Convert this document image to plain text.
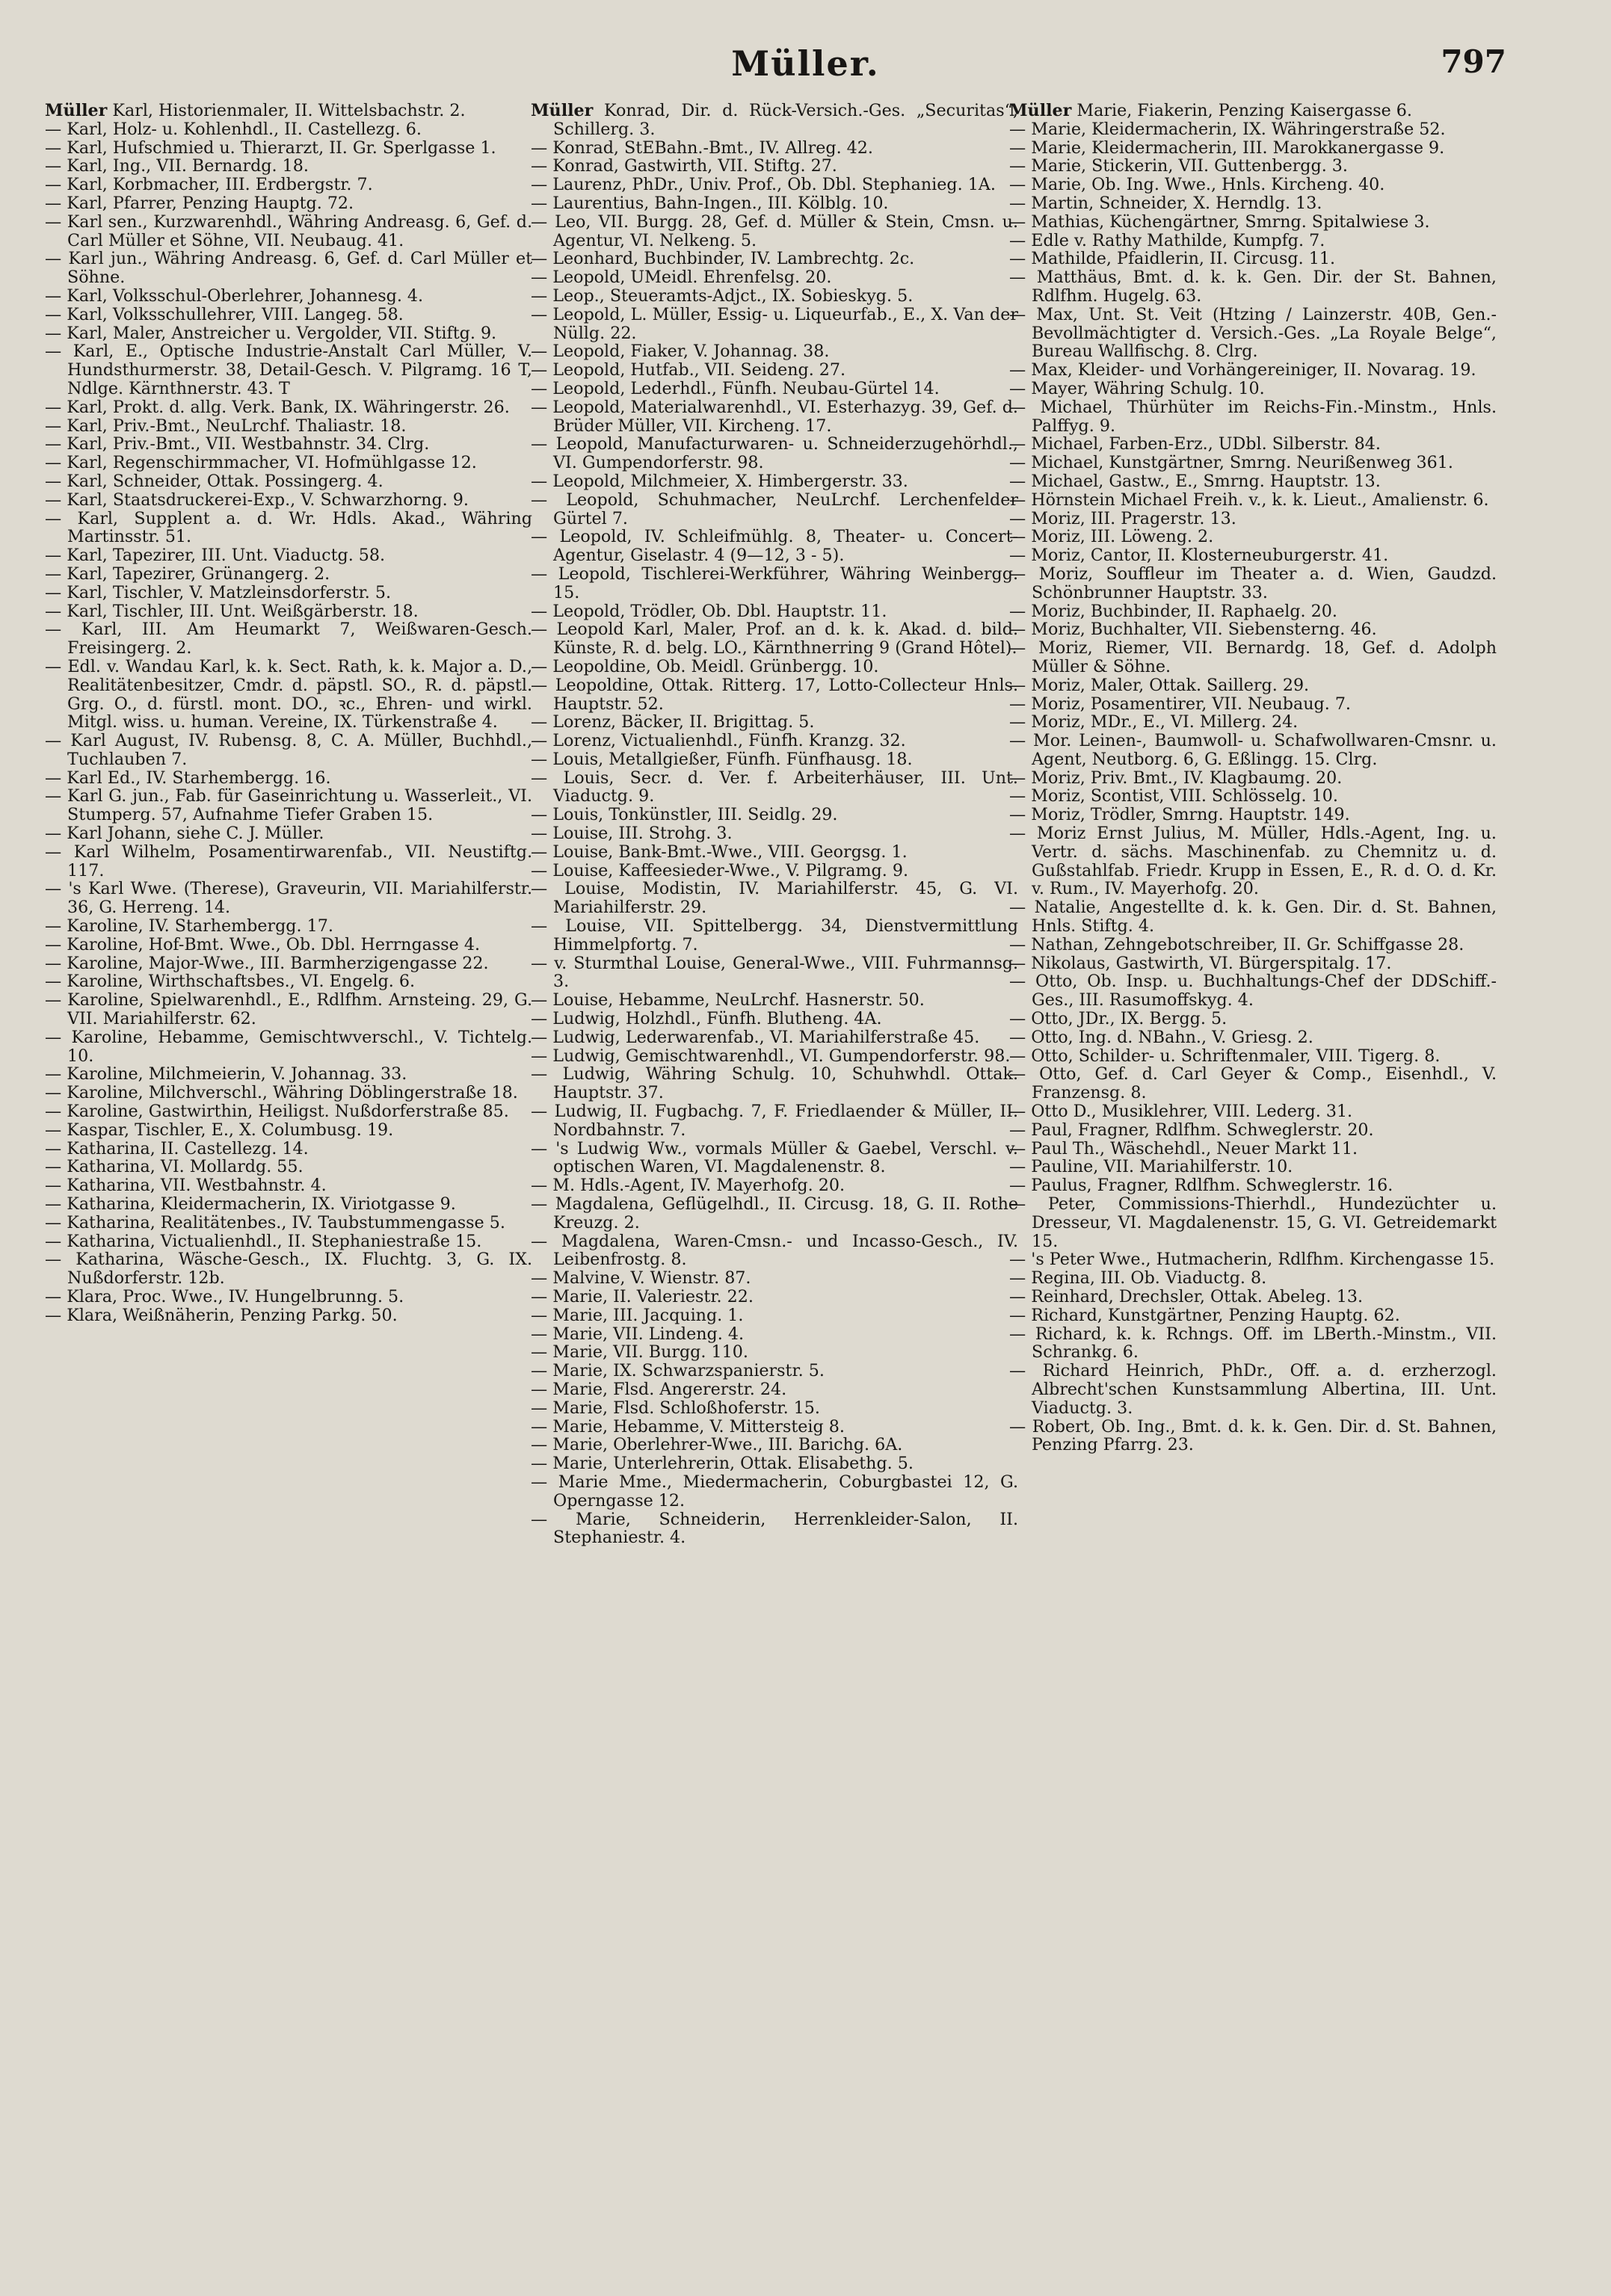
Müller.	797

Müller Karl, Historienmaler, II. Wittelsbachstr. 2.

— Karl, Holz- u. Kohlenhdl., II. Castellezg. 6.

— Karl, Hufschmied u. Thierarzt, II. Gr. Sperlgasse 1.

— Karl, Ing., VII. Bernardg. 18.

— Karl, Korbmacher, III. Erdbergstr. 7.

— Karl, Pfarrer, Penzing Hauptg. 72.

— Karl sen., Kurzwarenhdl., Währing Andreasg. 6, Gef. d. Carl Müller et Söhne, VII. Neubaug. 41.

— Karl jun., Währing Andreasg. 6, Gef. d. Carl Müller et Söhne.

— Karl, Volksschul-Oberlehrer, Johannesg. 4.

— Karl, Volksschullehrer, VIII. Langeg. 58.

— Karl, Maler, Anstreicher u. Vergolder, VII. Stiftg. 9.

— Karl, E., Optische Industrie-Anstalt Carl Müller, V. Hundsthurmerstr. 38, Detail-Gesch. V. Pilgramg. 16 T, Ndlge. Kärnthnerstr. 43. T

— Karl, Prokt. d. allg. Verk. Bank, IX. Währingerstr. 26.

— Karl, Priv.-Bmt., NeuLrchf. Thaliastr. 18.

— Karl, Priv.-Bmt., VII. Westbahnstr. 34. Clrg.

— Karl, Regenschirmmacher, VI. Hofmühlgasse 12.

— Karl, Schneider, Ottak. Possingerg. 4.

— Karl, Staatsdruckerei-Exp., V. Schwarzhorng. 9.

— Karl, Supplent a. d. Wr. Hdls. Akad., Währing Martinsstr. 51.

— Karl, Tapezirer, III. Unt. Viaductg. 58.

— Karl, Tapezirer, Grünangerg. 2.

— Karl, Tischler, V. Matzleinsdorferstr. 5.

— Karl, Tischler, III. Unt. Weißgärberstr. 18.

— Karl, III. Am Heumarkt 7, Weißwaren-Gesch. Freisingerg. 2.

— Edl. v. Wandau Karl, k. k. Sect. Rath, k. k. Major a. D., Realitätenbesitzer, Cmdr. d. päpstl. SO., R. d. päpstl. Grg. O., d. fürstl. mont. DO., ꝛc., Ehren- und wirkl. Mitgl. wiss. u. human. Vereine, IX. Türkenstraße 4.

— Karl August, IV. Rubensg. 8, C. A. Müller, Buchhdl., Tuchlauben 7.

— Karl Ed., IV. Starhembergg. 16.

— Karl G. jun., Fab. für Gaseinrichtung u. Wasserleit., VI. Stumperg. 57, Aufnahme Tiefer Graben 15.

— Karl Johann, siehe C. J. Müller.

— Karl Wilhelm, Posamentirwarenfab., VII. Neustiftg. 117.

— 's Karl Wwe. (Therese), Graveurin, VII. Mariahilferstr. 36, G. Herreng. 14.

— Karoline, IV. Starhembergg. 17.

— Karoline, Hof-Bmt. Wwe., Ob. Dbl. Herrngasse 4.

— Karoline, Major-Wwe., III. Barmherzigengasse 22.

— Karoline, Wirthschaftsbes., VI. Engelg. 6.

— Karoline, Spielwarenhdl., E., Rdlfhm. Arnsteing. 29, G. VII. Mariahilferstr. 62.

— Karoline, Hebamme, Gemischtwverschl., V. Tichtelg. 10.

— Karoline, Milchmeierin, V. Johannag. 33.

— Karoline, Milchverschl., Währing Döblingerstraße 18.

— Karoline, Gastwirthin, Heiligst. Nußdorferstraße 85.

— Kaspar, Tischler, E., X. Columbusg. 19.

— Katharina, II. Castellezg. 14.

— Katharina, VI. Mollardg. 55.

— Katharina, VII. Westbahnstr. 4.

— Katharina, Kleidermacherin, IX. Viriotgasse 9.

— Katharina, Realitätenbes., IV. Taubstummengasse 5.

— Katharina, Victualienhdl., II. Stephaniestraße 15.

— Katharina, Wäsche-Gesch., IX. Fluchtg. 3, G. IX. Nußdorferstr. 12b.

— Klara, Proc. Wwe., IV. Hungelbrunng. 5.

— Klara, Weißnäherin, Penzing Parkg. 50.

Müller Konrad, Dir. d. Rück-Versich.-Ges. „Securitas“, Schillerg. 3.

— Konrad, StEBahn.-Bmt., IV. Allreg. 42.

— Konrad, Gastwirth, VII. Stiftg. 27.

— Laurenz, PhDr., Univ. Prof., Ob. Dbl. Stephanieg. 1A.

— Laurentius, Bahn-Ingen., III. Kölblg. 10.

— Leo, VII. Burgg. 28, Gef. d. Müller & Stein, Cmsn. u. Agentur, VI. Nelkeng. 5.

— Leonhard, Buchbinder, IV. Lambrechtg. 2c.

— Leopold, UMeidl. Ehrenfelsg. 20.

— Leop., Steueramts-Adjct., IX. Sobieskyg. 5.

— Leopold, L. Müller, Essig- u. Liqueurfab., E., X. Van der Nüllg. 22.

— Leopold, Fiaker, V. Johannag. 38.

— Leopold, Hutfab., VII. Seideng. 27.

— Leopold, Lederhdl., Fünfh. Neubau-Gürtel 14.

— Leopold, Materialwarenhdl., VI. Esterhazyg. 39, Gef. d. Brüder Müller, VII. Kircheng. 17.

— Leopold, Manufacturwaren- u. Schneiderzugehörhdl., VI. Gumpendorferstr. 98.

— Leopold, Milchmeier, X. Himbergerstr. 33.

— Leopold, Schuhmacher, NeuLrchf. Lerchenfelder Gürtel 7.

— Leopold, IV. Schleifmühlg. 8, Theater- u. Concert-Agentur, Giselastr. 4 (9—12, 3 - 5).

— Leopold, Tischlerei-Werkführer, Währing Weinbergg. 15.

— Leopold, Trödler, Ob. Dbl. Hauptstr. 11.

— Leopold Karl, Maler, Prof. an d. k. k. Akad. d. bild. Künste, R. d. belg. LO., Kärnthnerring 9 (Grand Hôtel).

— Leopoldine, Ob. Meidl. Grünbergg. 10.

— Leopoldine, Ottak. Ritterg. 17, Lotto-Collecteur Hnls. Hauptstr. 52.

— Lorenz, Bäcker, II. Brigittag. 5.

— Lorenz, Victualienhdl., Fünfh. Kranzg. 32.

— Louis, Metallgießer, Fünfh. Fünfhausg. 18.

— Louis, Secr. d. Ver. f. Arbeiterhäuser, III. Unt. Viaductg. 9.

— Louis, Tonkünstler, III. Seidlg. 29.

— Louise, III. Strohg. 3.

— Louise, Bank-Bmt.-Wwe., VIII. Georgsg. 1.

— Louise, Kaffeesieder-Wwe., V. Pilgramg. 9.

— Louise, Modistin, IV. Mariahilferstr. 45, G. VI. Mariahilferstr. 29.

— Louise, VII. Spittelbergg. 34, Dienstvermittlung Himmelpfortg. 7.

— v. Sturmthal Louise, General-Wwe., VIII. Fuhrmannsg. 3.

— Louise, Hebamme, NeuLrchf. Hasnerstr. 50.

— Ludwig, Holzhdl., Fünfh. Blutheng. 4A.

— Ludwig, Lederwarenfab., VI. Mariahilferstraße 45.

— Ludwig, Gemischtwarenhdl., VI. Gumpendorferstr. 98.

— Ludwig, Währing Schulg. 10, Schuhwhdl. Ottak. Hauptstr. 37.

— Ludwig, II. Fugbachg. 7, F. Friedlaender & Müller, II. Nordbahnstr. 7.

— 's Ludwig Ww., vormals Müller & Gaebel, Verschl. v. optischen Waren, VI. Magdalenenstr. 8.

— M. Hdls.-Agent, IV. Mayerhofg. 20.

— Magdalena, Geflügelhdl., II. Circusg. 18, G. II. Rothe Kreuzg. 2.

— Magdalena, Waren-Cmsn.- und Incasso-Gesch., IV. Leibenfrostg. 8.

— Malvine, V. Wienstr. 87.

— Marie, II. Valeriestr. 22.

— Marie, III. Jacquing. 1.

— Marie, VII. Lindeng. 4.

— Marie, VII. Burgg. 110.

— Marie, IX. Schwarzspanierstr. 5.

— Marie, Flsd. Angererstr. 24.

— Marie, Flsd. Schloßhoferstr. 15.

— Marie, Hebamme, V. Mittersteig 8.

— Marie, Oberlehrer-Wwe., III. Barichg. 6A.

— Marie, Unterlehrerin, Ottak. Elisabethg. 5.

— Marie Mme., Miedermacherin, Coburgbastei 12, G. Operngasse 12.

— Marie, Schneiderin, Herrenkleider-Salon, II. Stephaniestr. 4.

Müller Marie, Fiakerin, Penzing Kaisergasse 6.

— Marie, Kleidermacherin, IX. Währingerstraße 52.

— Marie, Kleidermacherin, III. Marokkanergasse 9.

— Marie, Stickerin, VII. Guttenbergg. 3.

— Marie, Ob. Ing. Wwe., Hnls. Kircheng. 40.

— Martin, Schneider, X. Herndlg. 13.

— Mathias, Küchengärtner, Smrng. Spitalwiese 3.

— Edle v. Rathy Mathilde, Kumpfg. 7.

— Mathilde, Pfaidlerin, II. Circusg. 11.

— Matthäus, Bmt. d. k. k. Gen. Dir. der St. Bahnen, Rdlfhm. Hugelg. 63.

— Max, Unt. St. Veit (Htzing / Lainzerstr. 40B, Gen.-Bevollmächtigter d. Versich.-Ges. „La Royale Belge“, Bureau Wallfischg. 8. Clrg.

— Max, Kleider- und Vorhängereiniger, II. Novarag. 19.

— Mayer, Währing Schulg. 10.

— Michael, Thürhüter im Reichs-Fin.-Minstm., Hnls. Palffyg. 9.

— Michael, Farben-Erz., UDbl. Silberstr. 84.

— Michael, Kunstgärtner, Smrng. Neurißenweg 361.

— Michael, Gastw., E., Smrng. Hauptstr. 13.

— Hörnstein Michael Freih. v., k. k. Lieut., Amalienstr. 6.

— Moriz, III. Pragerstr. 13.

— Moriz, III. Löweng. 2.

— Moriz, Cantor, II. Klosterneuburgerstr. 41.

— Moriz, Souffleur im Theater a. d. Wien, Gaudzd. Schönbrunner Hauptstr. 33.

— Moriz, Buchbinder, II. Raphaelg. 20.

— Moriz, Buchhalter, VII. Siebensterng. 46.

— Moriz, Riemer, VII. Bernardg. 18, Gef. d. Adolph Müller & Söhne.

— Moriz, Maler, Ottak. Saillerg. 29.

— Moriz, Posamentirer, VII. Neubaug. 7.

— Moriz, MDr., E., VI. Millerg. 24.

— Mor. Leinen-, Baumwoll- u. Schafwollwaren-Cmsnr. u. Agent, Neutborg. 6, G. Eßlingg. 15. Clrg.

— Moriz, Priv. Bmt., IV. Klagbaumg. 20.

— Moriz, Scontist, VIII. Schlösselg. 10.

— Moriz, Trödler, Smrng. Hauptstr. 149.

— Moriz Ernst Julius, M. Müller, Hdls.-Agent, Ing. u. Vertr. d. sächs. Maschinenfab. zu Chemnitz u. d. Gußstahlfab. Friedr. Krupp in Essen, E., R. d. O. d. Kr. v. Rum., IV. Mayerhofg. 20.

— Natalie, Angestellte d. k. k. Gen. Dir. d. St. Bahnen, Hnls. Stiftg. 4.

— Nathan, Zehngebotschreiber, II. Gr. Schiffgasse 28.

— Nikolaus, Gastwirth, VI. Bürgerspitalg. 17.

— Otto, Ob. Insp. u. Buchhaltungs-Chef der DDSchiff.-Ges., III. Rasumoffskyg. 4.

— Otto, JDr., IX. Bergg. 5.

— Otto, Ing. d. NBahn., V. Griesg. 2.

— Otto, Schilder- u. Schriftenmaler, VIII. Tigerg. 8.

— Otto, Gef. d. Carl Geyer & Comp., Eisenhdl., V. Franzensg. 8.

— Otto D., Musiklehrer, VIII. Lederg. 31.

— Paul, Fragner, Rdlfhm. Schweglerstr. 20.

— Paul Th., Wäschehdl., Neuer Markt 11.

— Pauline, VII. Mariahilferstr. 10.

— Paulus, Fragner, Rdlfhm. Schweglerstr. 16.

— Peter, Commissions-Thierhdl., Hundezüchter u. Dresseur, VI. Magdalenenstr. 15, G. VI. Getreidemarkt 15.

— 's Peter Wwe., Hutmacherin, Rdlfhm. Kirchengasse 15.

— Regina, III. Ob. Viaductg. 8.

— Reinhard, Drechsler, Ottak. Abeleg. 13.

— Richard, Kunstgärtner, Penzing Hauptg. 62.

— Richard, k. k. Rchngs. Off. im LBerth.-Minstm., VII. Schrankg. 6.

— Richard Heinrich, PhDr., Off. a. d. erzherzogl. Albrecht'schen Kunstsammlung Albertina, III. Unt. Viaductg. 3.

— Robert, Ob. Ing., Bmt. d. k. k. Gen. Dir. d. St. Bahnen, Penzing Pfarrg. 23.
